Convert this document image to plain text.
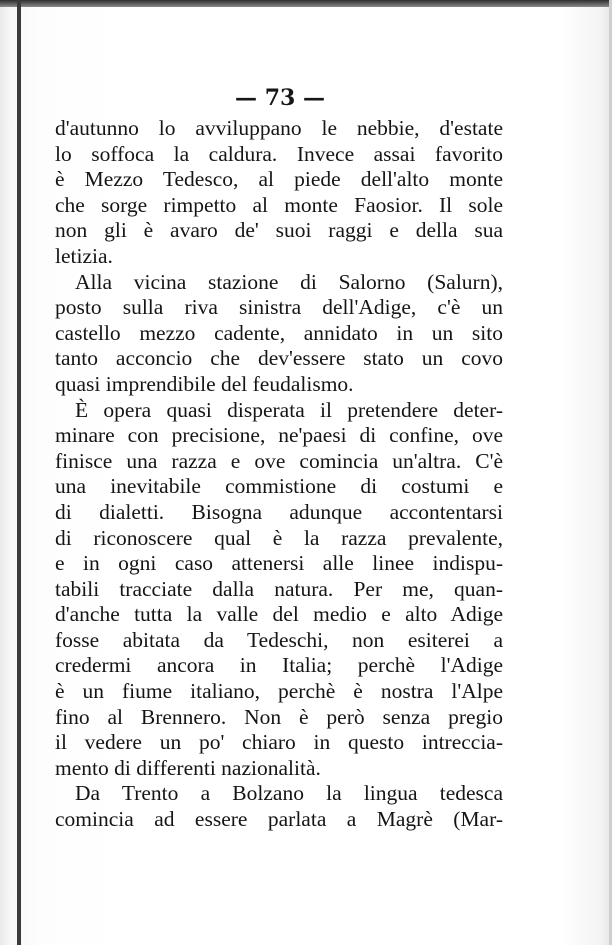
— 73 —
d'autunno lo avviluppano le nebbie, d'estate
lo soffoca la caldura. Invece assai favorito
è Mezzo Tedesco, al piede dell'alto monte
che sorge rimpetto al monte Faosior. Il sole
non gli è avaro de' suoi raggi e della sua
letizia.
Alla vicina stazione di Salorno (Salurn),
posto sulla riva sinistra dell'Adige, c'è un
castello mezzo cadente, annidato in un sito
tanto acconcio che dev'essere stato un covo
quasi imprendibile del feudalismo.
È opera quasi disperata il pretendere deter-
minare con precisione, ne'paesi di confine, ove
finisce una razza e ove comincia un'altra. C'è
una inevitabile commistione di costumi e
di dialetti. Bisogna adunque accontentarsi
di riconoscere qual è la razza prevalente,
e in ogni caso attenersi alle linee indispu-
tabili tracciate dalla natura. Per me, quan-
d'anche tutta la valle del medio e alto Adige
fosse abitata da Tedeschi, non esiterei a
credermi ancora in Italia; perchè l'Adige
è un fiume italiano, perchè è nostra l'Alpe
fino al Brennero. Non è però senza pregio
il vedere un po' chiaro in questo intreccia-
mento di differenti nazionalità.
Da Trento a Bolzano la lingua tedesca
comincia ad essere parlata a Magrè (Mar-
